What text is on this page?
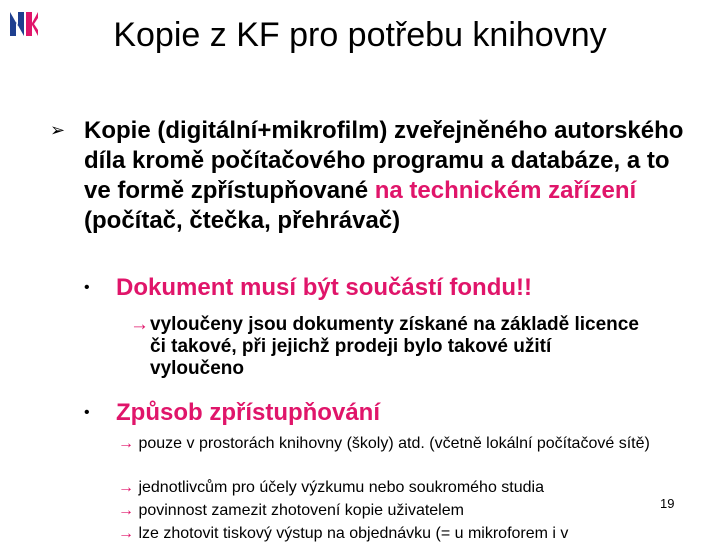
Kopie z KF pro potřebu knihovny
➢ Kopie (digitální+mikrofilm) zveřejněného autorského díla kromě počítačového programu a databáze, a to ve formě zpřístupňované na technickém zařízení (počítač, čtečka, přehrávač)
• Dokument musí být součástí fondu!!
→ vyloučeny jsou dokumenty získané na základě licence či takové, při jejichž prodeji bylo takové užití vyloučeno
• Způsob zpřístupňování
→ pouze v prostorách knihovny (školy) atd. (včetně lokální počítačové sítě)
→ jednotlivcům pro účely výzkumu nebo soukromého studia
→ povinnost zamezit zhotovení kopie uživatelem
→ lze zhotovit tiskový výstup na objednávku (= u mikroforem i v
19
